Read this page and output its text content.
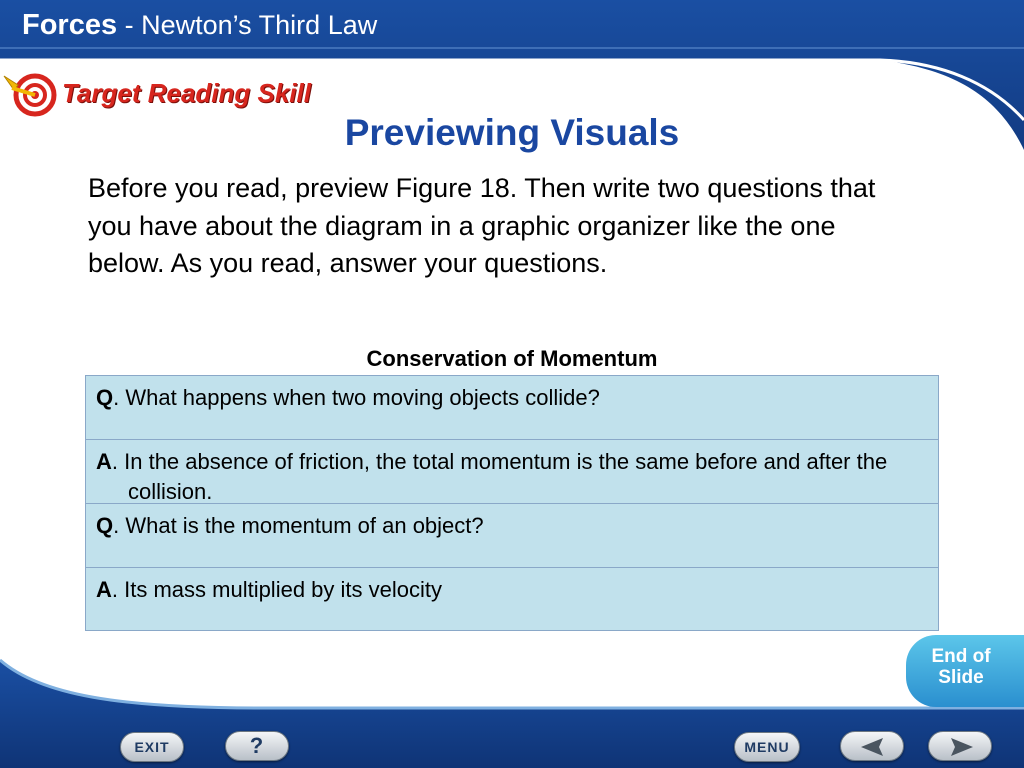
Forces - Newton’s Third Law
Target Reading Skill
Previewing Visuals
Before you read, preview Figure 18. Then write two questions that you have about the diagram in a graphic organizer like the one below. As you read, answer your questions.
Conservation of Momentum
Q. What happens when two moving objects collide?
A. In the absence of friction, the total momentum is the same before and after the collision.
Q. What is the momentum of an object?
A. Its mass multiplied by its velocity
End of
Slide
EXIT	?	MENU
